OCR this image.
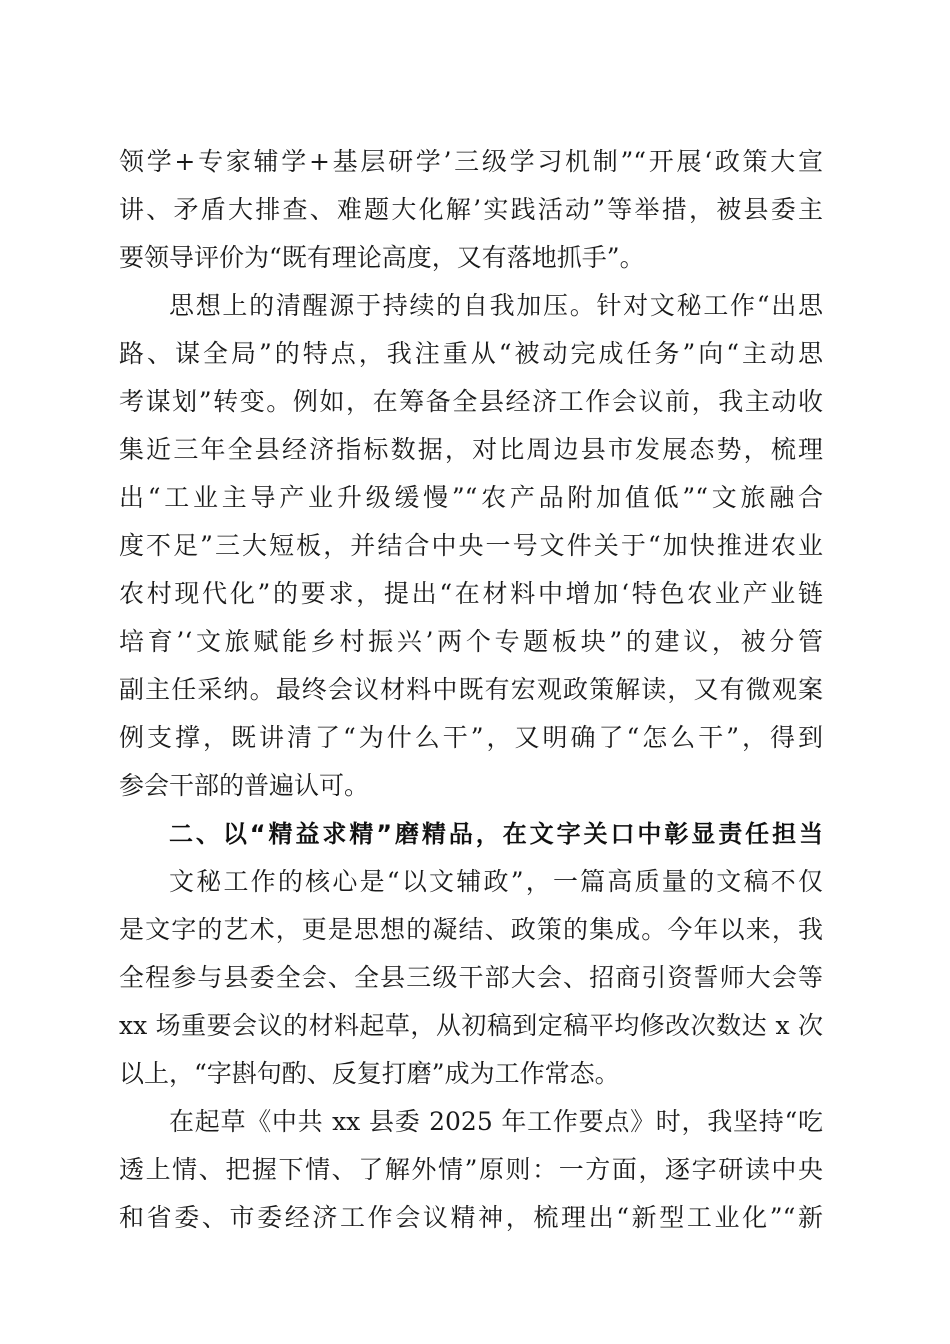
领学+专家辅学+基层研学’三级学习机制”“开展‘政策大宣
讲、矛盾大排查、难题大化解’实践活动”等举措，被县委主
要领导评价为“既有理论高度，又有落地抓手”。
思想上的清醒源于持续的自我加压。针对文秘工作“出思
路、谋全局”的特点，我注重从“被动完成任务”向“主动思
考谋划”转变。例如，在筹备全县经济工作会议前，我主动收
集近三年全县经济指标数据，对比周边县市发展态势，梳理
出“工业主导产业升级缓慢”“农产品附加值低”“文旅融合
度不足”三大短板，并结合中央一号文件关于“加快推进农业
农村现代化”的要求，提出“在材料中增加‘特色农业产业链
培育’‘文旅赋能乡村振兴’两个专题板块”的建议，被分管
副主任采纳。最终会议材料中既有宏观政策解读，又有微观案
例支撑，既讲清了“为什么干”，又明确了“怎么干”，得到
参会干部的普遍认可。
二、以“精益求精”磨精品，在文字关口中彰显责任担当
文秘工作的核心是“以文辅政”，一篇高质量的文稿不仅
是文字的艺术，更是思想的凝结、政策的集成。今年以来，我
全程参与县委全会、全县三级干部大会、招商引资誓师大会等
xx 场重要会议的材料起草，从初稿到定稿平均修改次数达 x 次
以上，“字斟句酌、反复打磨”成为工作常态。
在起草《中共 xx 县委 2025 年工作要点》时，我坚持“吃
透上情、把握下情、了解外情”原则：一方面，逐字研读中央
和省委、市委经济工作会议精神，梳理出“新型工业化”“新
